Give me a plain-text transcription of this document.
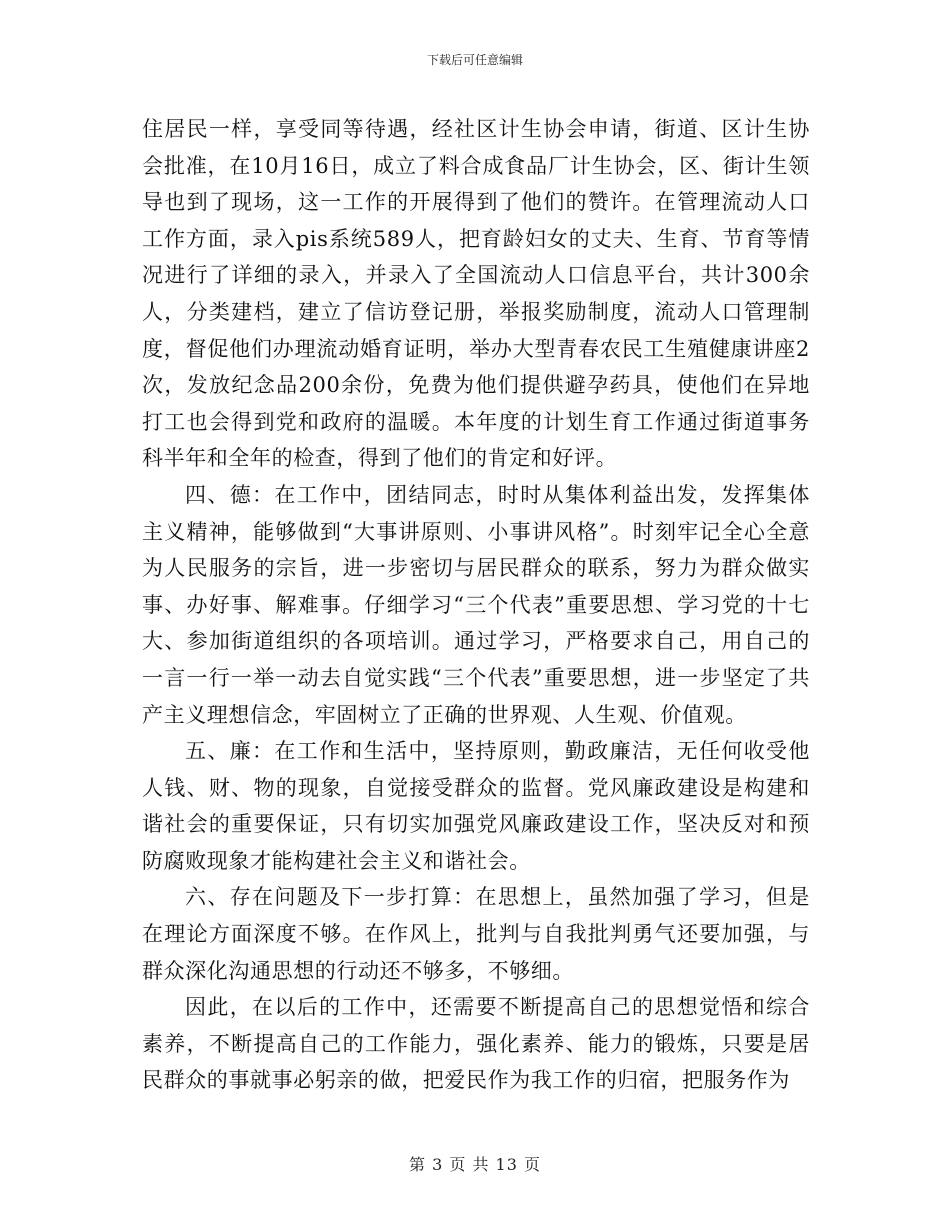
下载后可任意编辑

住居民一样，享受同等待遇，经社区计生协会申请，街道、区计生协会批准，在10月16日，成立了料合成食品厂计生协会，区、街计生领导也到了现场，这一工作的开展得到了他们的赞许。在管理流动人口工作方面，录入pis系统589人，把育龄妇女的丈夫、生育、节育等情况进行了详细的录入，并录入了全国流动人口信息平台，共计300余人，分类建档，建立了信访登记册，举报奖励制度，流动人口管理制度，督促他们办理流动婚育证明，举办大型青春农民工生殖健康讲座2次，发放纪念品200余份，免费为他们提供避孕药具，使他们在异地打工也会得到党和政府的温暖。本年度的计划生育工作通过街道事务科半年和全年的检查，得到了他们的肯定和好评。

四、德：在工作中，团结同志，时时从集体利益出发，发挥集体主义精神，能够做到“大事讲原则、小事讲风格”。时刻牢记全心全意为人民服务的宗旨，进一步密切与居民群众的联系，努力为群众做实事、办好事、解难事。仔细学习“三个代表”重要思想、学习党的十七大、参加街道组织的各项培训。通过学习，严格要求自己，用自己的一言一行一举一动去自觉实践“三个代表”重要思想，进一步坚定了共产主义理想信念，牢固树立了正确的世界观、人生观、价值观。

五、廉：在工作和生活中，坚持原则，勤政廉洁，无任何收受他人钱、财、物的现象，自觉接受群众的监督。党风廉政建设是构建和谐社会的重要保证，只有切实加强党风廉政建设工作，坚决反对和预防腐败现象才能构建社会主义和谐社会。

六、存在问题及下一步打算：在思想上，虽然加强了学习，但是在理论方面深度不够。在作风上，批判与自我批判勇气还要加强，与群众深化沟通思想的行动还不够多，不够细。

因此，在以后的工作中，还需要不断提高自己的思想觉悟和综合素养，不断提高自己的工作能力，强化素养、能力的锻炼，只要是居民群众的事就事必躬亲的做，把爱民作为我工作的归宿，把服务作为

第 3 页 共 13 页
